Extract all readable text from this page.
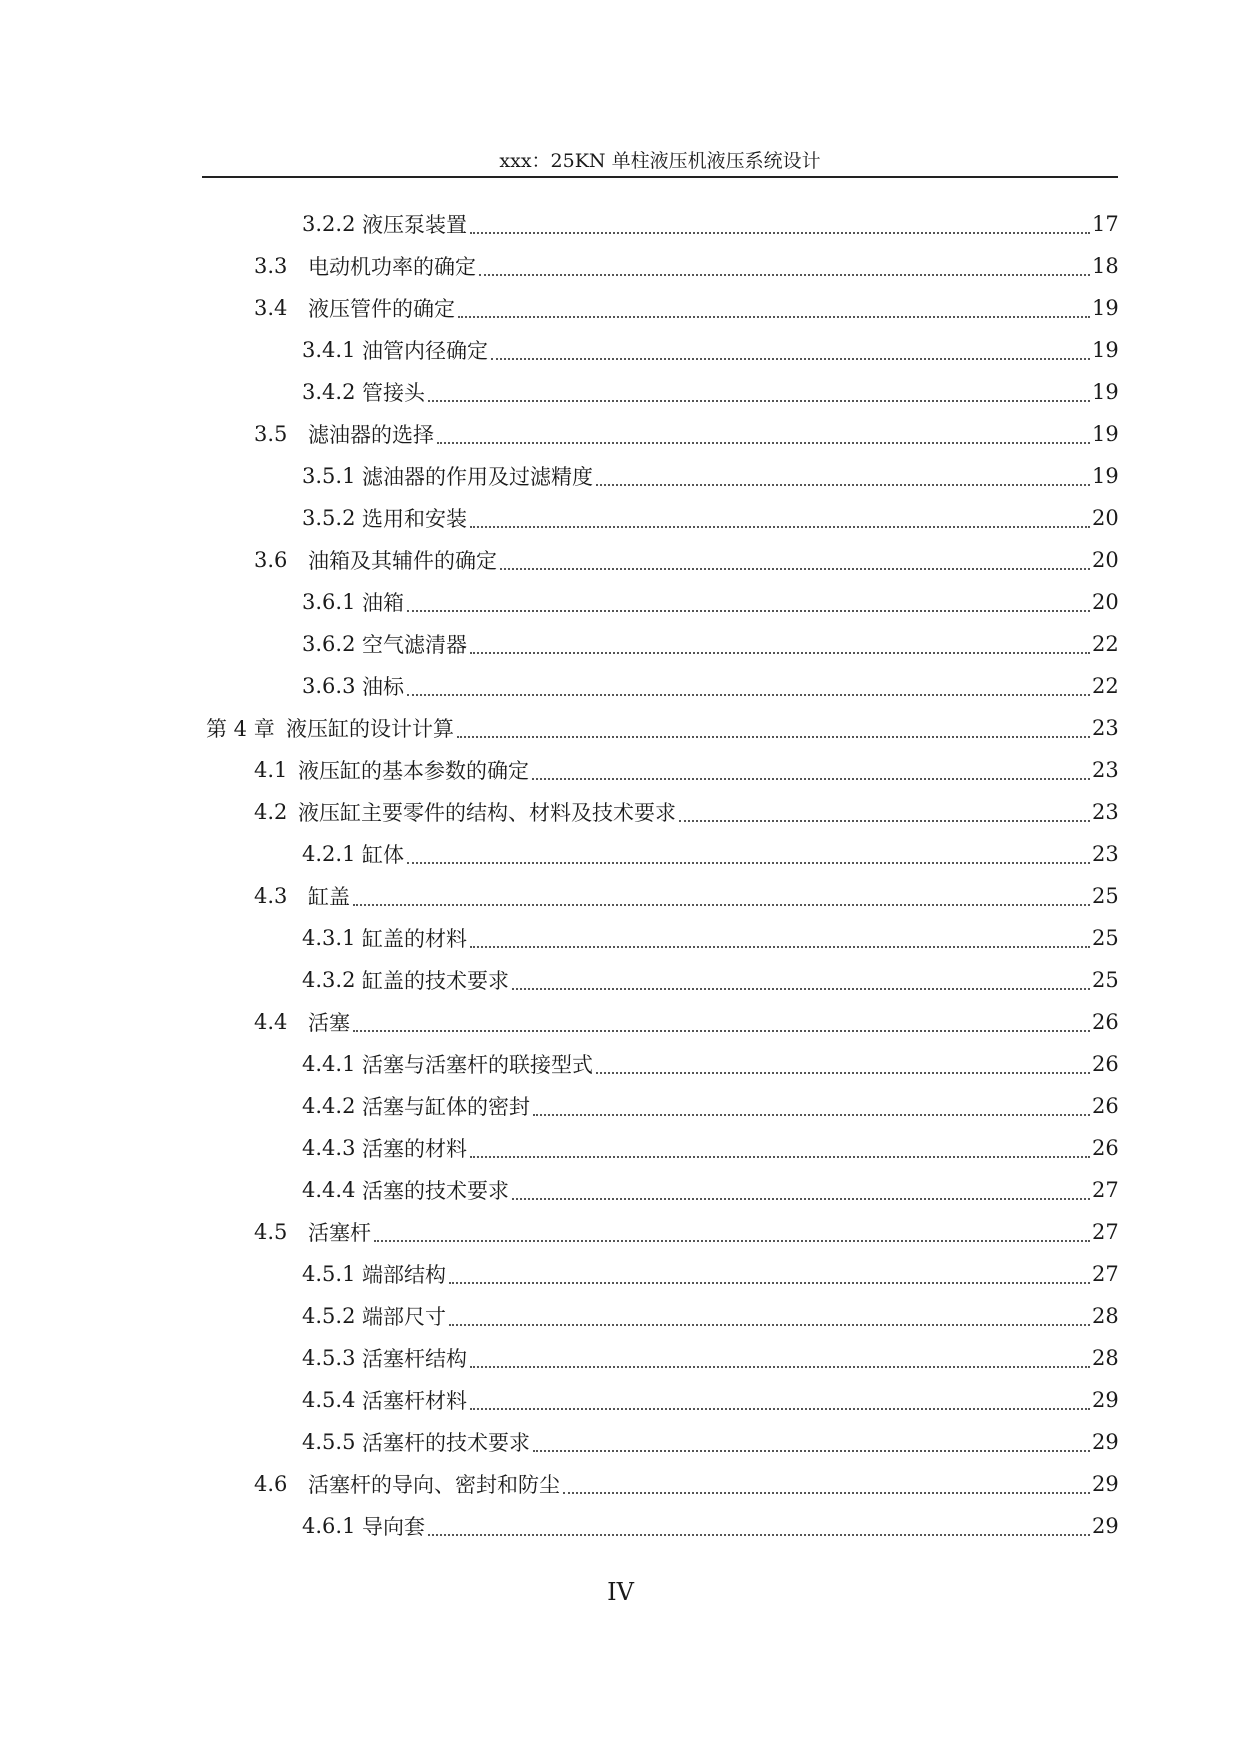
xxx：25KN 单柱液压机液压系统设计
3.2.2 液压泵装置	17
3.3 电动机功率的确定	18
3.4 液压管件的确定	19
3.4.1 油管内径确定	19
3.4.2 管接头	19
3.5 滤油器的选择	19
3.5.1 滤油器的作用及过滤精度	19
3.5.2 选用和安装	20
3.6 油箱及其辅件的确定	20
3.6.1 油箱	20
3.6.2 空气滤清器	22
3.6.3 油标	22
第 4 章 液压缸的设计计算	23
4.1 液压缸的基本参数的确定	23
4.2 液压缸主要零件的结构、材料及技术要求	23
4.2.1 缸体	23
4.3 缸盖	25
4.3.1 缸盖的材料	25
4.3.2 缸盖的技术要求	25
4.4 活塞	26
4.4.1 活塞与活塞杆的联接型式	26
4.4.2 活塞与缸体的密封	26
4.4.3 活塞的材料	26
4.4.4 活塞的技术要求	27
4.5 活塞杆	27
4.5.1 端部结构	27
4.5.2 端部尺寸	28
4.5.3 活塞杆结构	28
4.5.4 活塞杆材料	29
4.5.5 活塞杆的技术要求	29
4.6 活塞杆的导向、密封和防尘	29
4.6.1 导向套	29
IV
